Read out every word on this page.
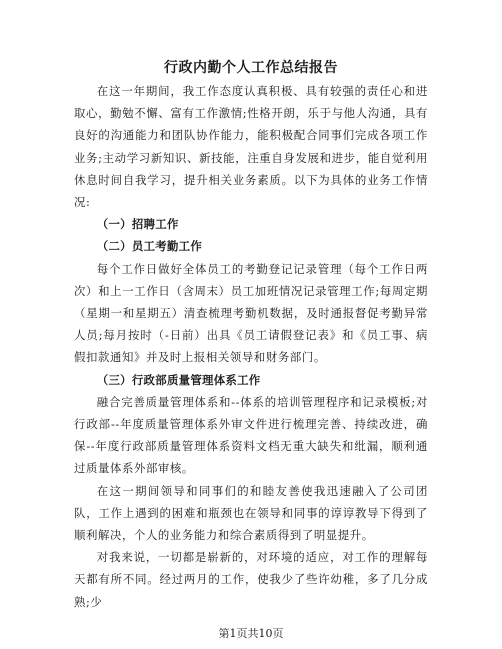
行政内勤个人工作总结报告

在这一年期间，我工作态度认真积极、具有较强的责任心和进取心，勤勉不懈、富有工作激情;性格开朗，乐于与他人沟通，具有良好的沟通能力和团队协作能力，能积极配合同事们完成各项工作业务;主动学习新知识、新技能，注重自身发展和进步，能自觉利用休息时间自我学习，提升相关业务素质。以下为具体的业务工作情况:

（一）招聘工作

（二）员工考勤工作

每个工作日做好全体员工的考勤登记记录管理（每个工作日两次）和上一工作日（含周末）员工加班情况记录管理工作;每周定期（星期一和星期五）清查梳理考勤机数据，及时通报督促考勤异常人员;每月按时（-日前）出具《员工请假登记表》和《员工事、病假扣款通知》并及时上报相关领导和财务部门。

（三）行政部质量管理体系工作

融合完善质量管理体系和--体系的培训管理程序和记录模板;对行政部--年度质量管理体系外审文件进行梳理完善、持续改进，确保--年度行政部质量管理体系资料文档无重大缺失和纰漏，顺利通过质量体系外部审核。

在这一期间领导和同事们的和睦友善使我迅速融入了公司团队，工作上遇到的困难和瓶颈也在领导和同事的谆谆教导下得到了顺利解决，个人的业务能力和综合素质得到了明显提升。

对我来说，一切都是崭新的，对环境的适应，对工作的理解每天都有所不同。经过两月的工作，使我少了些许幼稚，多了几分成熟;少

第1页共10页
